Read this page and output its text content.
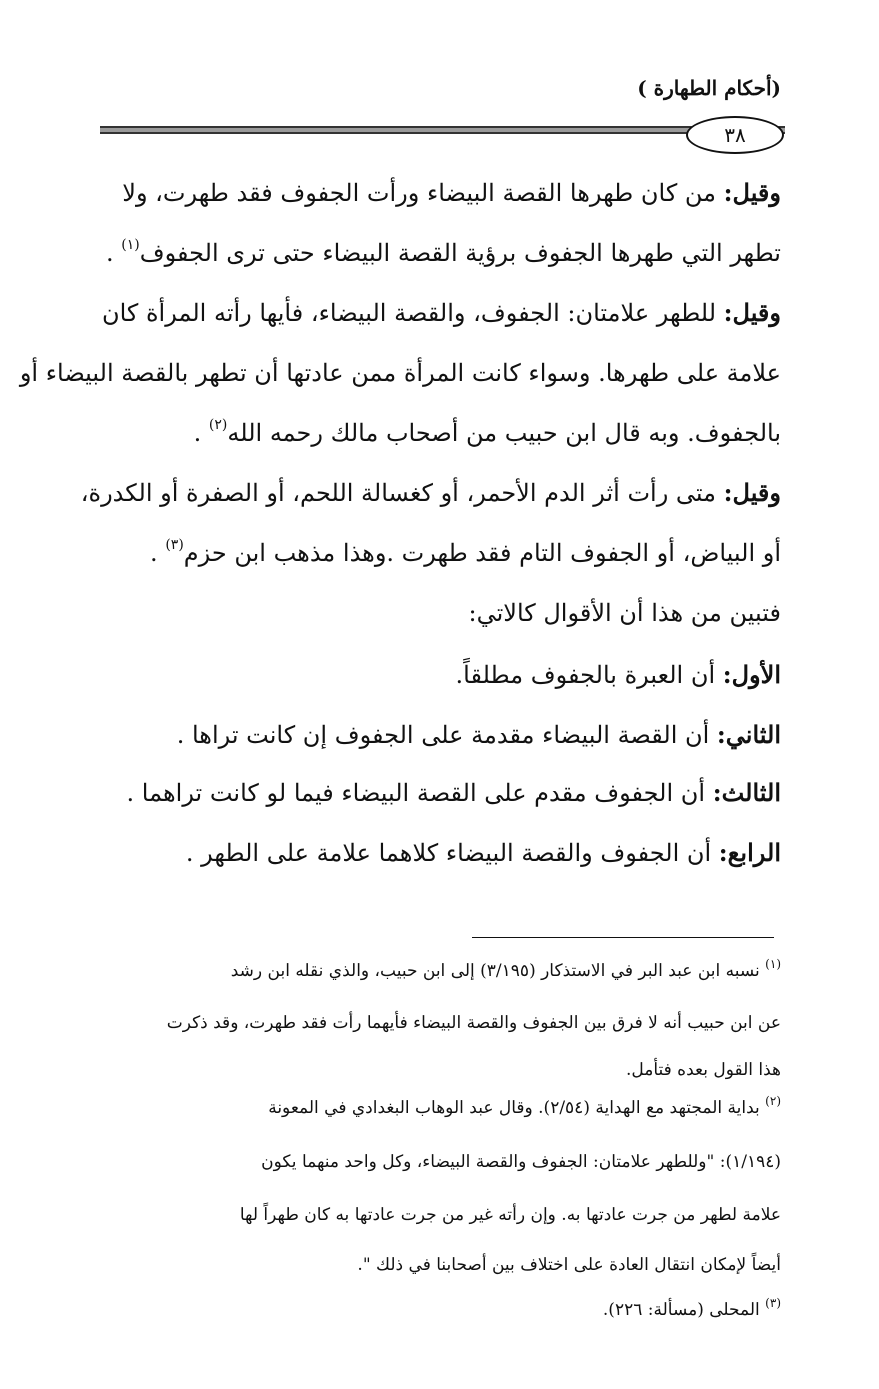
(أحكام الطهارة )
٣٨
وقيل: من كان طهرها القصة البيضاء ورأت الجفوف فقد طهرت، ولا
تطهر التي طهرها الجفوف برؤية القصة البيضاء حتى ترى الجفوف$^{(١)}$ .
وقيل: للطهر علامتان: الجفوف، والقصة البيضاء، فأيها رأته المرأة كان
علامة على طهرها. وسواء كانت المرأة ممن عادتها أن تطهر بالقصة البيضاء أو
بالجفوف. وبه قال ابن حبيب من أصحاب مالك رحمه الله$^{(٢)}$ .
وقيل: متى رأت أثر الدم الأحمر، أو كغسالة اللحم، أو الصفرة أو الكدرة،
أو البياض، أو الجفوف التام فقد طهرت .وهذا مذهب ابن حزم$^{(٣)}$ .
فتبين من هذا أن الأقوال كالاتي:
الأول: أن العبرة بالجفوف مطلقاً.
الثاني: أن القصة البيضاء مقدمة على الجفوف إن كانت تراها .
الثالث: أن الجفوف مقدم على القصة البيضاء فيما لو كانت تراهما .
الرابع: أن الجفوف والقصة البيضاء كلاهما علامة على الطهر .
$^{(١)}$ نسبه ابن عبد البر في الاستذكار (٣/١٩٥) إلى ابن حبيب، والذي نقله ابن رشد
عن ابن حبيب أنه لا فرق بين الجفوف والقصة البيضاء فأيهما رأت فقد طهرت، وقد ذكرت
هذا القول بعده فتأمل.
$^{(٢)}$ بداية المجتهد مع الهداية (٢/٥٤). وقال عبد الوهاب البغدادي في المعونة
(١/١٩٤): "وللطهر علامتان: الجفوف والقصة البيضاء، وكل واحد منهما يكون
علامة لطهر من جرت عادتها به. وإن رأته غير من جرت عادتها به كان طهراً لها
أيضاً لإمكان انتقال العادة على اختلاف بين أصحابنا في ذلك ".
$^{(٣)}$ المحلى (مسألة: ٢٢٦).
